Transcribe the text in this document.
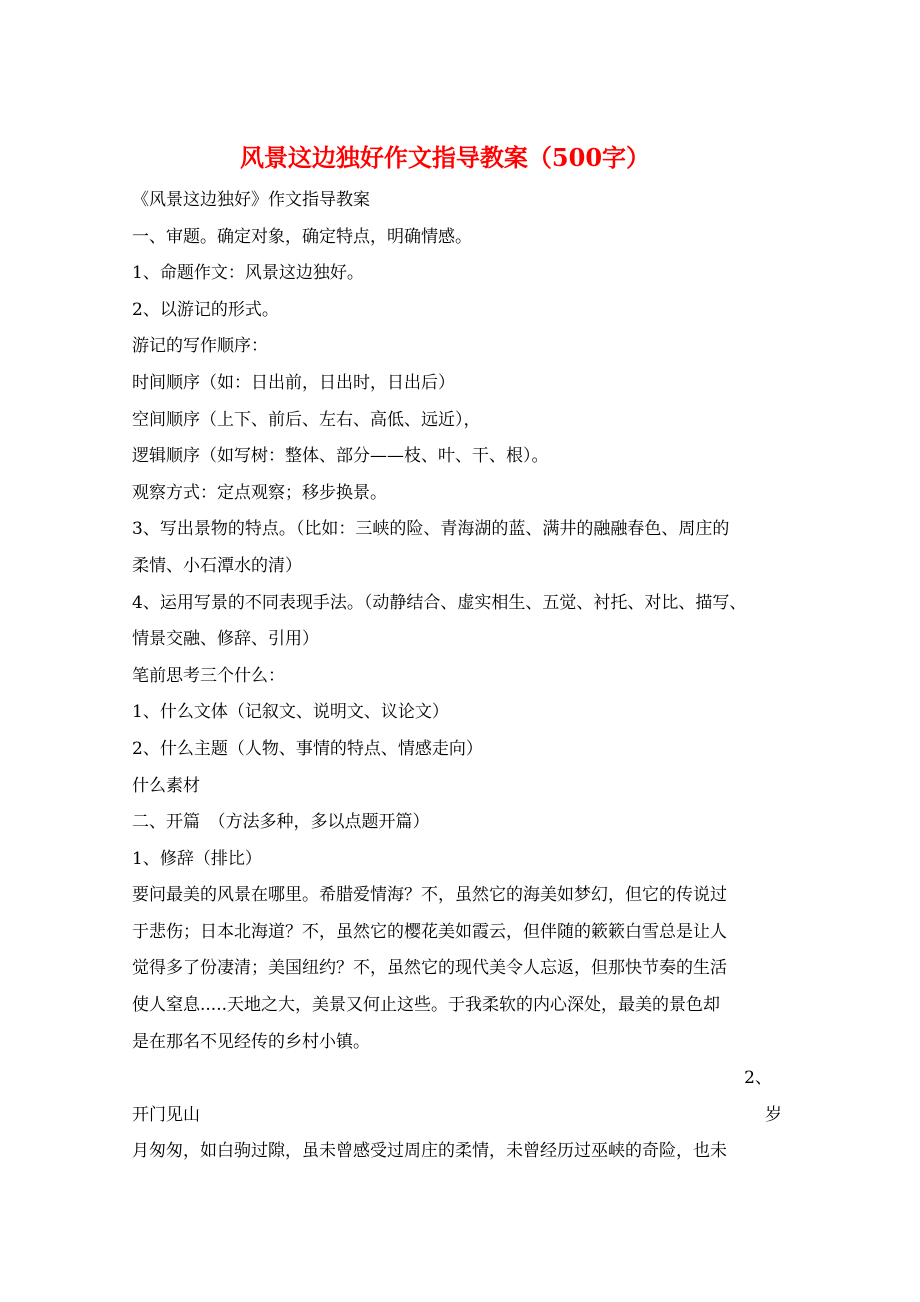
风景这边独好作文指导教案（500字）
《风景这边独好》作文指导教案
一、审题。确定对象，确定特点，明确情感。
1、命题作文：风景这边独好。
2、以游记的形式。
游记的写作顺序：
时间顺序（如：日出前，日出时，日出后）
空间顺序（上下、前后、左右、高低、远近），
逻辑顺序（如写树：整体、部分——枝、叶、干、根）。
观察方式：定点观察；移步换景。
3、写出景物的特点。（比如：三峡的险、青海湖的蓝、满井的融融春色、周庄的
柔情、小石潭水的清）
4、运用写景的不同表现手法。（动静结合、虚实相生、五觉、衬托、对比、描写、
情景交融、修辞、引用）
笔前思考三个什么：
1、什么文体（记叙文、说明文、议论文）
2、什么主题（人物、事情的特点、情感走向）
什么素材
二、开篇　（方法多种，多以点题开篇）
1、修辞（排比）
要问最美的风景在哪里。希腊爱情海？不，虽然它的海美如梦幻，但它的传说过
于悲伤；日本北海道？不，虽然它的樱花美如霞云，但伴随的簌簌白雪总是让人
觉得多了份凄清；美国纽约？不，虽然它的现代美令人忘返，但那快节奏的生活
使人窒息.....天地之大，美景又何止这些。于我柔软的内心深处，最美的景色却
是在那名不见经传的乡村小镇。
2、
开门见山	岁
月匆匆，如白驹过隙，虽未曾感受过周庄的柔情，未曾经历过巫峡的奇险，也未
